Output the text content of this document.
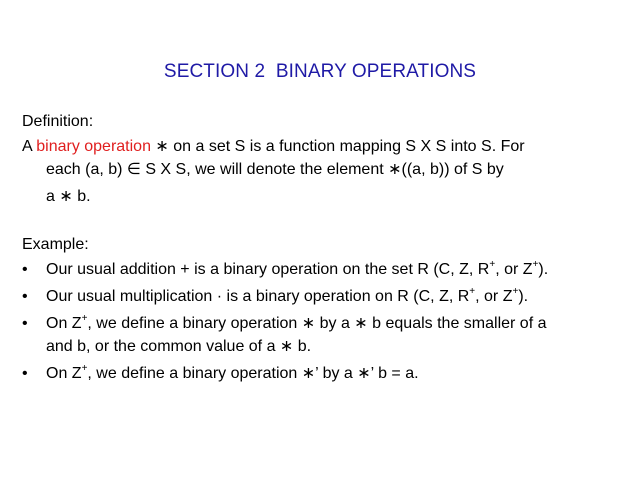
SECTION 2  BINARY OPERATIONS
Definition:
A binary operation ∗ on a set S is a function mapping S X S into S. For
each (a, b) ∈ S X S, we will denote the element ∗((a, b)) of S by
a ∗ b.
Example:
•	Our usual addition + is a binary operation on the set R (C, Z, R+, or Z+).
•	Our usual multiplication · is a binary operation on R (C, Z, R+, or Z+).
•	On Z+, we define a binary operation ∗ by a ∗ b equals the smaller of a
and b, or the common value of a ∗ b.
•	On Z+, we define a binary operation ∗’ by a ∗’ b = a.
